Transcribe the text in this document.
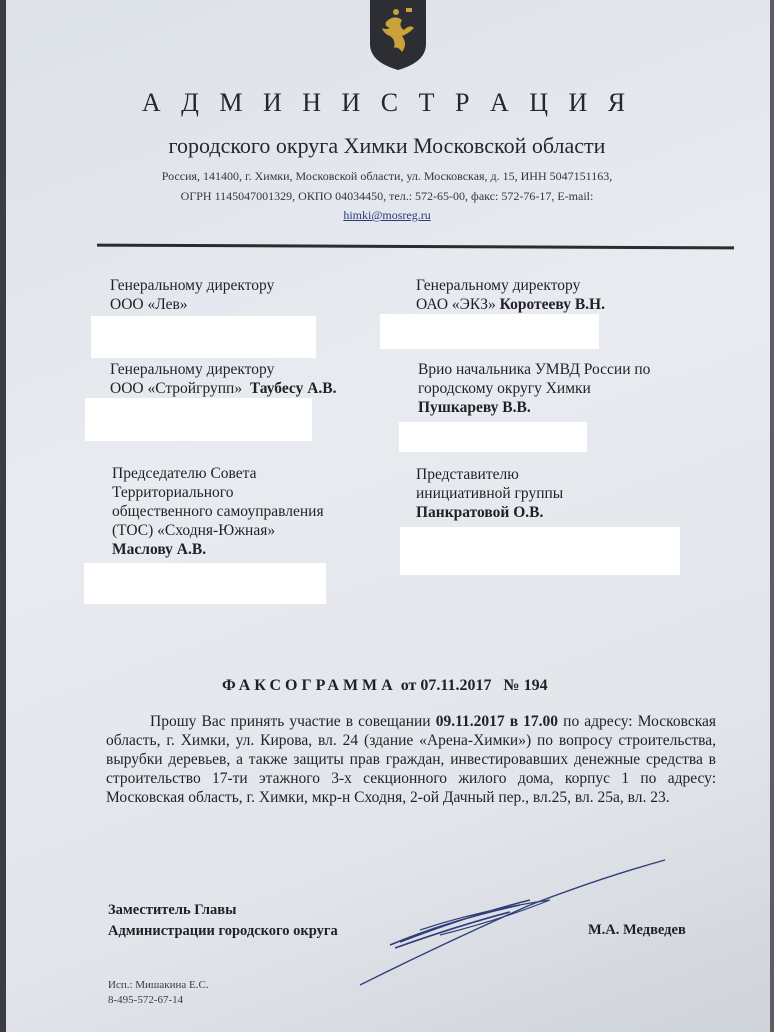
А Д М И Н И С Т Р А Ц И Я
городского округа Химки Московской области
Россия, 141400, г. Химки, Московской области, ул. Московская, д. 15, ИНН 5047151163,
ОГРН 1145047001329, ОКПО 04034450, тел.: 572-65-00, факс: 572-76-17, E-mail:
himki@mosreg.ru
Генеральному директору
ООО «Лев»
Генеральному директору
ОАО «ЭКЗ» Коротееву В.Н.
Генеральному директору
ООО «Стройгрупп» Таубесу А.В.
Врио начальника УМВД России по
городскому округу Химки
Пушкареву В.В.
Председателю Совета
Территориального
общественного самоуправления
(ТОС) «Сходня-Южная»
Маслову А.В.
Представителю
инициативной группы
Панкратовой О.В.
ФАКСОГРАММА от 07.11.2017 № 194
Прошу Вас принять участие в совещании 09.11.2017 в 17.00 по адресу: Московская область, г. Химки, ул. Кирова, вл. 24 (здание «Арена-Химки») по вопросу строительства, вырубки деревьев, а также защиты прав граждан, инвестировавших денежные средства в строительство 17-ти этажного 3-х секционного жилого дома, корпус 1 по адресу: Московская область, г. Химки, мкр-н Сходня, 2-ой Дачный пер., вл.25, вл. 25а, вл. 23.
Заместитель Главы
Администрации городского округа	М.А. Медведев
Исп.: Мишакина Е.С.
8-495-572-67-14
